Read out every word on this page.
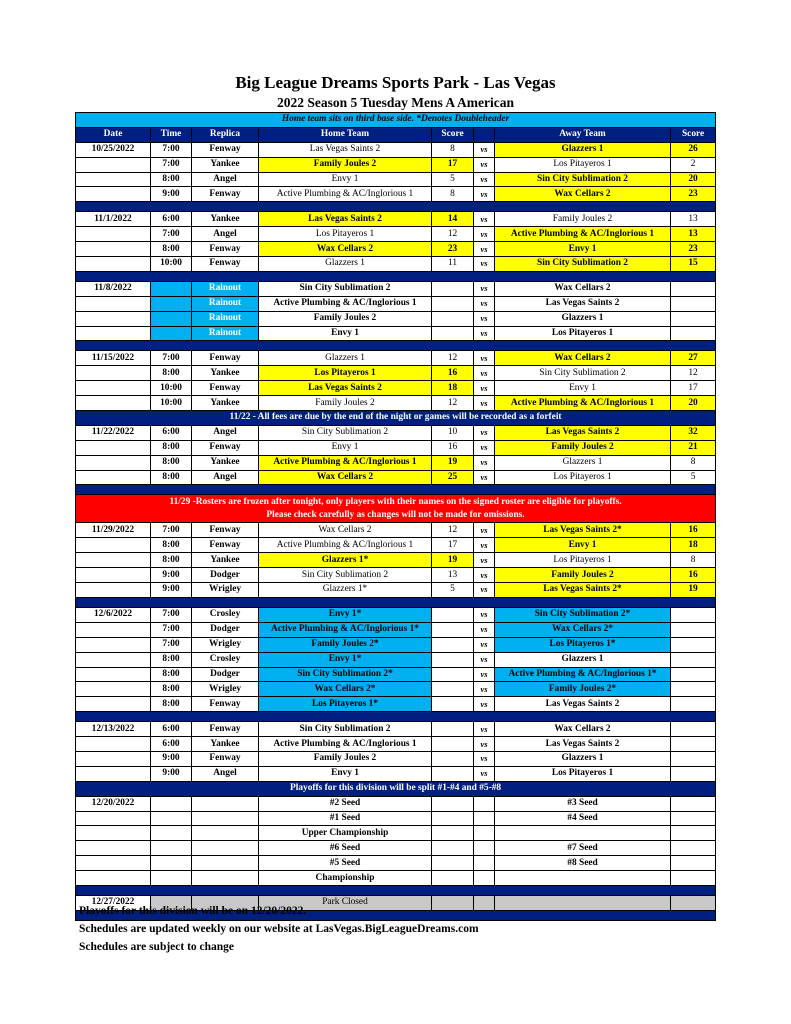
Big League Dreams Sports Park - Las Vegas
2022 Season 5 Tuesday Mens A American
Home team sits on third base side. *Denotes Doubleheader							
Date	Time	Replica	Home Team	Score		Away Team	Score
10/25/2022	7:00	Fenway	Las Vegas Saints 2	8	vs	Glazzers 1	26
	7:00	Yankee	Family Joules 2	17	vs	Los Pitayeros 1	2
	8:00	Angel	Envy 1	5	vs	Sin City Sublimation 2	20
	9:00	Fenway	Active Plumbing & AC/Inglorious 1	8	vs	Wax Cellars 2	23

11/1/2022	6:00	Yankee	Las Vegas Saints 2	14	vs	Family Joules 2	13
	7:00	Angel	Los Pitayeros 1	12	vs	Active Plumbing & AC/Inglorious 1	13
	8:00	Fenway	Wax Cellars 2	23	vs	Envy 1	23
	10:00	Fenway	Glazzers 1	11	vs	Sin City Sublimation 2	15

11/8/2022		Rainout	Sin City Sublimation 2		vs	Wax Cellars 2	
		Rainout	Active Plumbing & AC/Inglorious 1		vs	Las Vegas Saints 2	
		Rainout	Family Joules 2		vs	Glazzers 1	
		Rainout	Envy 1		vs	Los Pitayeros 1	

11/15/2022	7:00	Fenway	Glazzers 1	12	vs	Wax Cellars 2	27
	8:00	Yankee	Los Pitayeros 1	16	vs	Sin City Sublimation 2	12
	10:00	Fenway	Las Vegas Saints 2	18	vs	Envy 1	17
	10:00	Yankee	Family Joules 2	12	vs	Active Plumbing & AC/Inglorious 1	20
11/22 - All fees are due by the end of the night or games will be recorded as a forfeit							
11/22/2022	6:00	Angel	Sin City Sublimation 2	10	vs	Las Vegas Saints 2	32
	8:00	Fenway	Envy 1	16	vs	Family Joules 2	21
	8:00	Yankee	Active Plumbing & AC/Inglorious 1	19	vs	Glazzers 1	8
	8:00	Angel	Wax Cellars 2	25	vs	Los Pitayeros 1	5

11/29 -Rosters are frozen after tonight, only players with their names on the signed roster are eligible for playoffs.
Please check carefully as changes will not be made for omissions.							

11/29/2022	7:00	Fenway	Wax Cellars 2	12	vs	Las Vegas Saints 2*	16
	8:00	Fenway	Active Plumbing & AC/Inglorious 1	17	vs	Envy 1	18
	8:00	Yankee	Glazzers 1*	19	vs	Los Pitayeros 1	8
	9:00	Dodger	Sin City Sublimation 2	13	vs	Family Joules 2	16
	9:00	Wrigley	Glazzers 1*	5	vs	Las Vegas Saints 2*	19

12/6/2022	7:00	Crosley	Envy 1*		vs	Sin City Sublimation 2*	
	7:00	Dodger	Active Plumbing & AC/Inglorious 1*		vs	Wax Cellars 2*	
	7:00	Wrigley	Family Joules 2*		vs	Los Pitayeros 1*	
	8:00	Crosley	Envy 1*		vs	Glazzers 1	
	8:00	Dodger	Sin City Sublimation 2*		vs	Active Plumbing & AC/Inglorious 1*	
	8:00	Wrigley	Wax Cellars 2*		vs	Family Joules 2*	
	8:00	Fenway	Los Pitayeros 1*		vs	Las Vegas Saints 2	

12/13/2022	6:00	Fenway	Sin City Sublimation 2		vs	Wax Cellars 2	
	6:00	Yankee	Active Plumbing & AC/Inglorious 1		vs	Las Vegas Saints 2	
	9:00	Fenway	Family Joules 2		vs	Glazzers 1	
	9:00	Angel	Envy 1		vs	Los Pitayeros 1	
Playoffs for this division will be split #1-#4 and #5-#8							
12/20/2022			#2 Seed			#3 Seed	
			#1 Seed			#4 Seed	
			Upper Championship				
			#6 Seed			#7 Seed	
			#5 Seed			#8 Seed	
			Championship				

12/27/2022			Park Closed				

Playoffs for this division will be on 12/20/2022.
Schedules are updated weekly on our website at LasVegas.BigLeagueDreams.com
Schedules are subject to change
